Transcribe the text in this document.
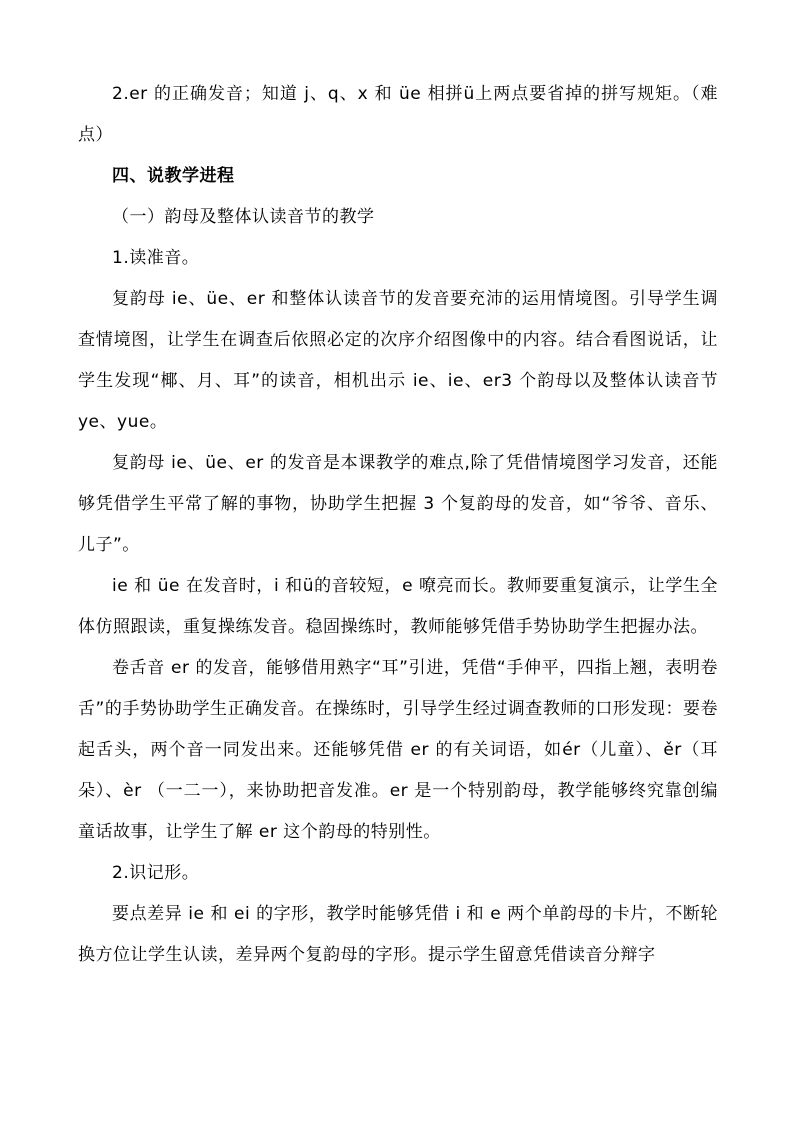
2.er 的正确发音；知道 j、q、x 和 üe 相拼ü上两点要省掉的拼写规矩。（难点）

四、说教学进程

（一）韵母及整体认读音节的教学

1.读准音。

复韵母 ie、üe、er 和整体认读音节的发音要充沛的运用情境图。引导学生调查情境图，让学生在调查后依照必定的次序介绍图像中的内容。结合看图说话，让学生发现“椰、月、耳”的读音，相机出示 ie、ie、er3 个韵母以及整体认读音节 ye、yue。

复韵母 ie、üe、er 的发音是本课教学的难点,除了凭借情境图学习发音，还能够凭借学生平常了解的事物，协助学生把握 3 个复韵母的发音，如“爷爷、音乐、儿子”。

ie 和 üe 在发音时，i 和ü的音较短，e 嘹亮而长。教师要重复演示，让学生全体仿照跟读，重复操练发音。稳固操练时，教师能够凭借手势协助学生把握办法。

卷舌音 er 的发音，能够借用熟字“耳”引进，凭借“手伸平，四指上翘，表明卷舌”的手势协助学生正确发音。在操练时，引导学生经过调查教师的口形发现：要卷起舌头，两个音一同发出来。还能够凭借 er 的有关词语，如ér（儿童）、ěr（耳朵）、èr （一二一），来协助把音发准。er 是一个特别韵母，教学能够终究靠创编童话故事，让学生了解 er 这个韵母的特别性。

2.识记形。

要点差异 ie 和 ei 的字形，教学时能够凭借 i 和 e 两个单韵母的卡片，不断轮换方位让学生认读，差异两个复韵母的字形。提示学生留意凭借读音分辩字
